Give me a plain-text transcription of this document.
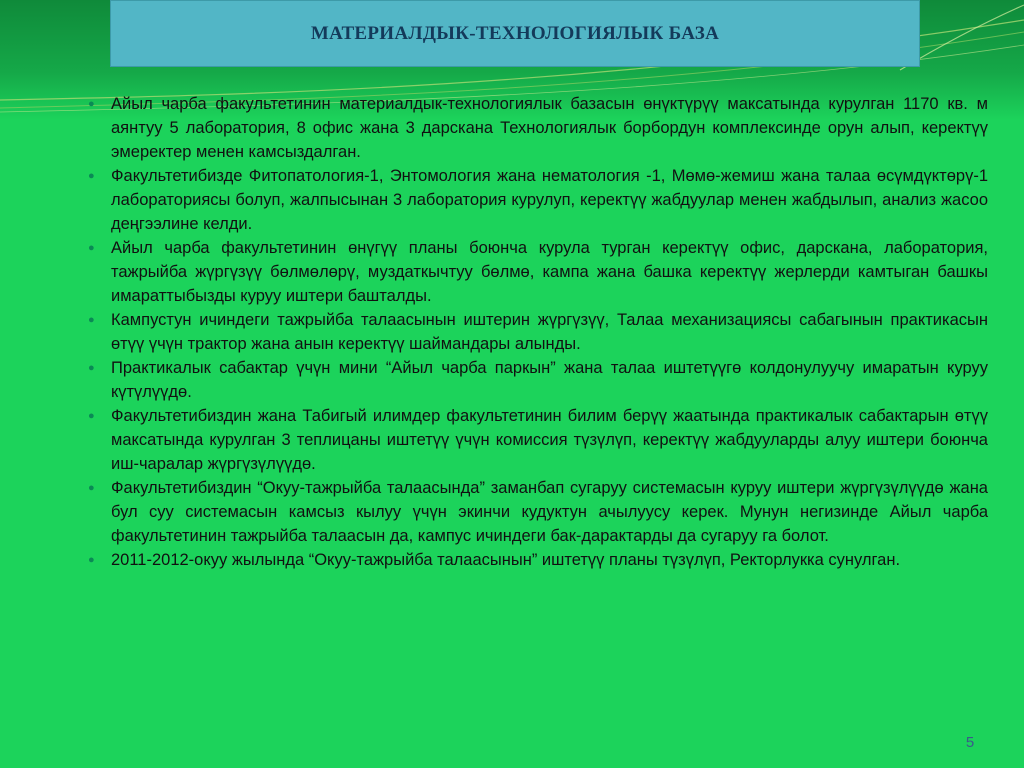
МАТЕРИАЛДЫК-ТЕХНОЛОГИЯЛЫК БАЗА
● Айыл чарба факультетинин материалдык-технологиялык базасын өнүктүрүү максатында курулган 1170 кв. м аянтуу 5 лаборатория, 8 офис жана 3 дарскана Технологиялык борбордун комплексинде орун алып, керектүү эмеректер менен камсыздалган.
● Факультетибизде Фитопатология-1, Энтомология жана нематология -1, Мөмө-жемиш жана талаа өсүмдүктөрү-1 лабораториясы болуп, жалпысынан 3 лаборатория курулуп, керектүү жабдуулар менен жабдылып, анализ жасоо деңгээлине келди.
● Айыл чарба факультетинин өнүгүү планы боюнча курула турган керектүү офис, дарскана, лаборатория, тажрыйба жүргүзүү бөлмөлөрү, муздаткычтуу бөлмө, кампа жана башка керектүү жерлерди камтыган башкы имараттыбызды куруу иштери башталды.
● Кампустун ичиндеги тажрыйба талаасынын иштерин жүргүзүү, Талаа механизациясы сабагынын практикасын өтүү үчүн трактор жана анын керектүү шаймандары алынды.
● Практикалык сабактар үчүн мини “Айыл чарба паркын” жана талаа иштетүүгө колдонулуучу имаратын куруу күтүлүүдө.
● Факультетибиздин жана Табигый илимдер факультетинин билим берүү жаатында практикалык сабактарын өтүү максатында курулган 3 теплицаны иштетүү үчүн комиссия түзүлүп, керектүү жабдууларды алуу иштери боюнча иш-чаралар жүргүзүлүүдө.
● Факультетибиздин “Окуу-тажрыйба талаасында” заманбап сугаруу системасын куруу иштери жүргүзүлүүдө жана бул суу системасын камсыз кылуу үчүн экинчи кудуктун ачылуусу керек. Мунун негизинде Айыл чарба факультетинин тажрыйба талаасын да, кампус ичиндеги бак-дарактарды да сугаруу га болот.
● 2011-2012-окуу жылында “Окуу-тажрыйба талаасынын” иштетүү планы түзүлүп, Ректорлукка сунулган.
5
